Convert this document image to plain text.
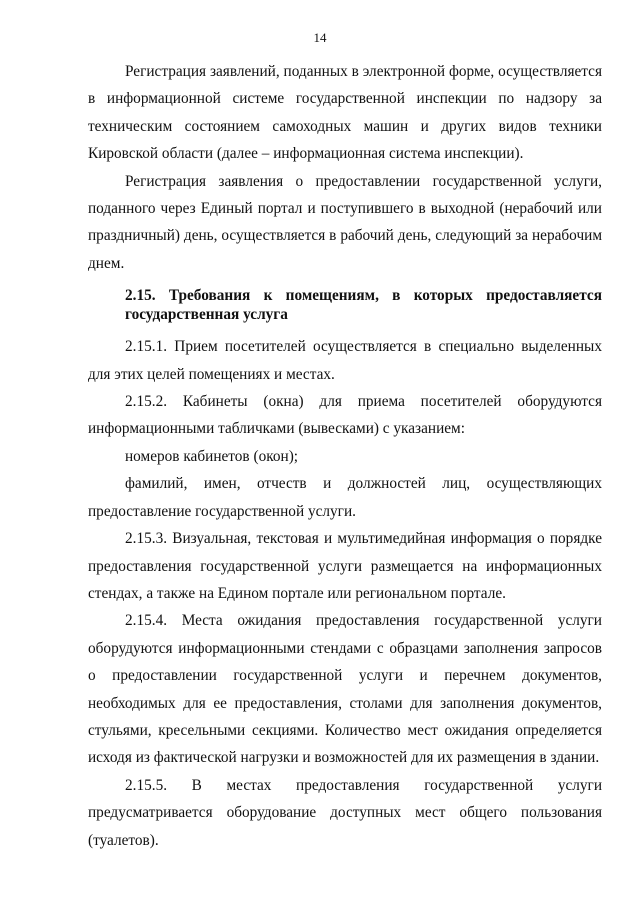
14

Регистрация заявлений, поданных в электронной форме, осуществляется в информационной системе государственной инспекции по надзору за техническим состоянием самоходных машин и других видов техники Кировской области (далее – информационная система инспекции).

Регистрация заявления о предоставлении государственной услуги, поданного через Единый портал и поступившего в выходной (нерабочий или праздничный) день, осуществляется в рабочий день, следующий за нерабочим днем.

2.15. Требования к помещениям, в которых предоставляется государственная услуга

2.15.1. Прием посетителей осуществляется в специально выделенных для этих целей помещениях и местах.

2.15.2. Кабинеты (окна) для приема посетителей оборудуются информационными табличками (вывесками) с указанием:

номеров кабинетов (окон);

фамилий, имен, отчеств и должностей лиц, осуществляющих предоставление государственной услуги.

2.15.3. Визуальная, текстовая и мультимедийная информация о порядке предоставления государственной услуги размещается на информационных стендах, а также на Едином портале или региональном портале.

2.15.4. Места ожидания предоставления государственной услуги оборудуются информационными стендами с образцами заполнения запросов о предоставлении государственной услуги и перечнем документов, необходимых для ее предоставления, столами для заполнения документов, стульями, кресельными секциями. Количество мест ожидания определяется исходя из фактической нагрузки и возможностей для их размещения в здании.

2.15.5. В местах предоставления государственной услуги предусматривается оборудование доступных мест общего пользования (туалетов).
